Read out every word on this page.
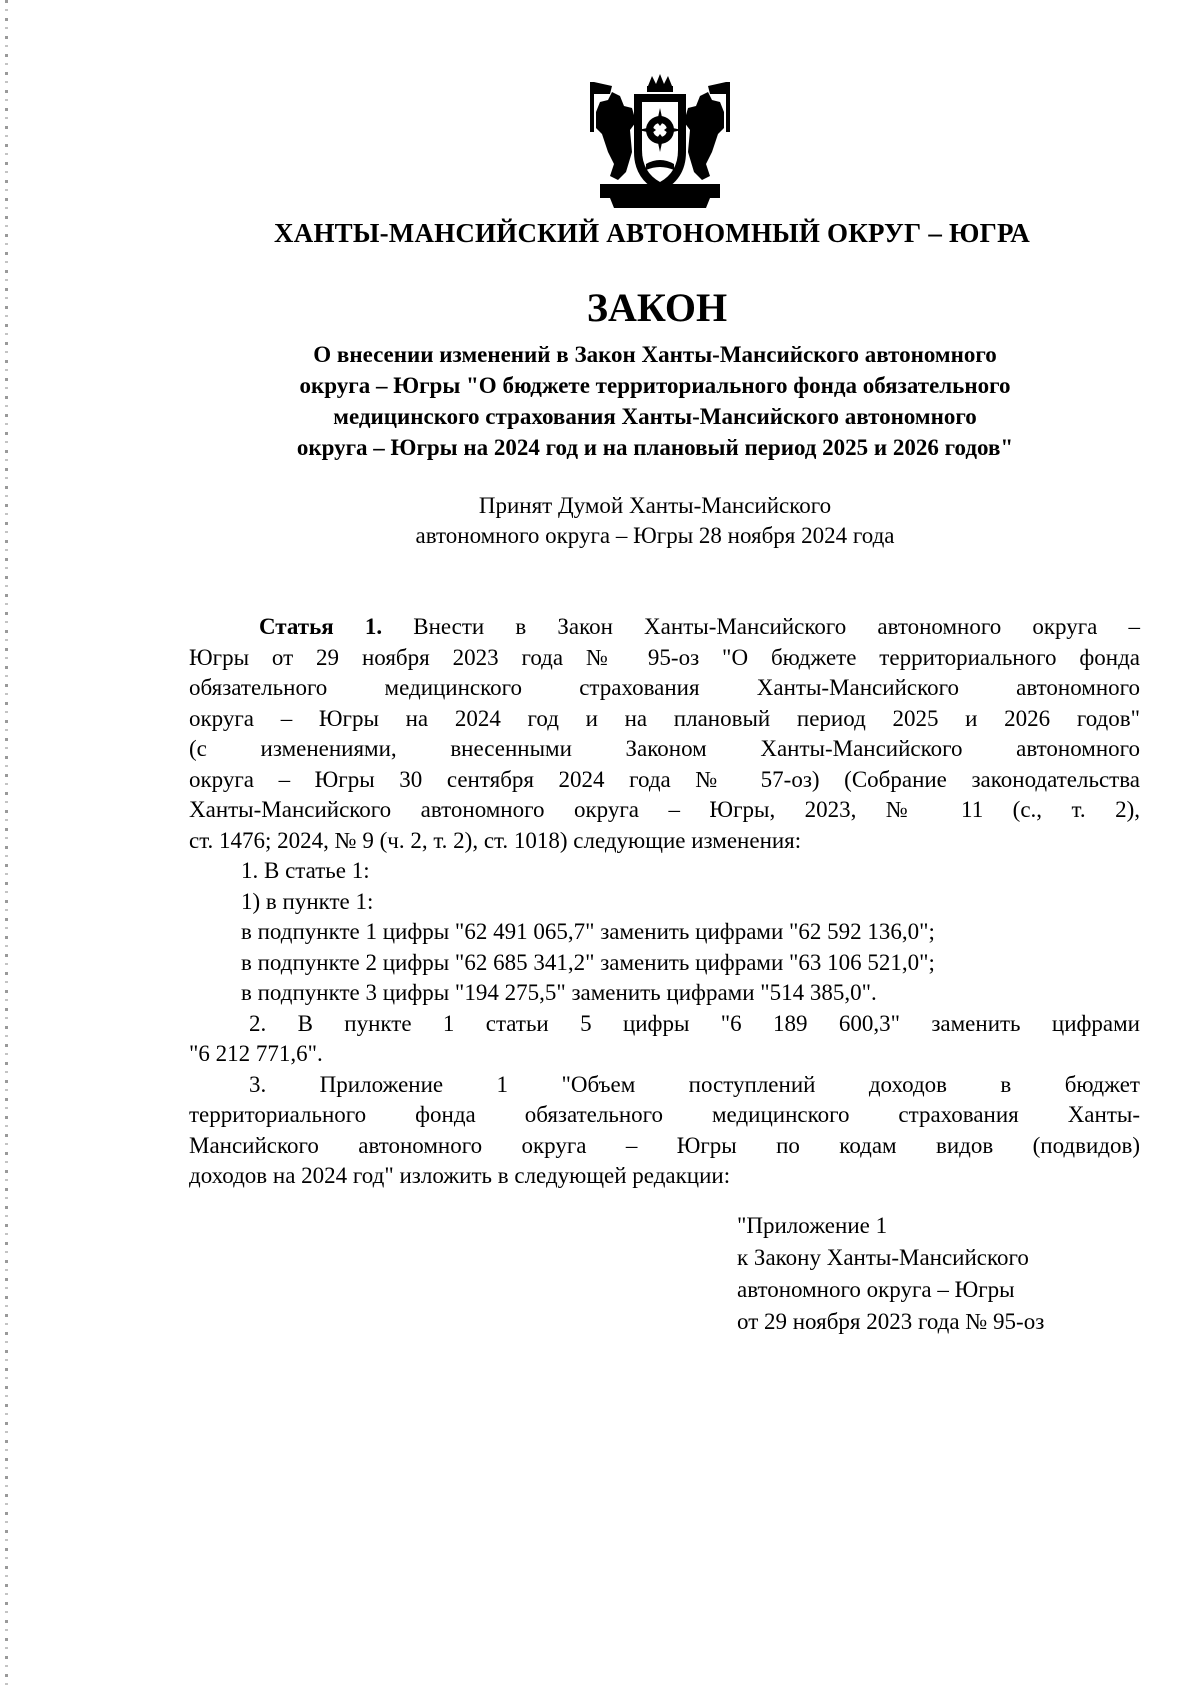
ХАНТЫ-МАНСИЙСКИЙ АВТОНОМНЫЙ ОКРУГ – ЮГРА
ЗАКОН
О внесении изменений в Закон Ханты-Мансийского автономного
округа – Югры "О бюджете территориального фонда обязательного
медицинского страхования Ханты-Мансийского автономного
округа – Югры на 2024 год и на плановый период 2025 и 2026 годов"
Принят Думой Ханты-Мансийского
автономного округа – Югры 28 ноября 2024 года
Статья 1. Внести в Закон Ханты-Мансийского автономного округа –
Югры от 29 ноября 2023 года № 95-оз "О бюджете территориального фонда
обязательного медицинского страхования Ханты-Мансийского автономного
округа – Югры на 2024 год и на плановый период 2025 и 2026 годов"
(с изменениями, внесенными Законом Ханты-Мансийского автономного
округа – Югры 30 сентября 2024 года № 57-оз) (Собрание законодательства
Ханты-Мансийского автономного округа – Югры, 2023, № 11 (с., т. 2),
ст. 1476; 2024, № 9 (ч. 2, т. 2), ст. 1018) следующие изменения:
1. В статье 1:
1) в пункте 1:
в подпункте 1 цифры "62 491 065,7" заменить цифрами "62 592 136,0";
в подпункте 2 цифры "62 685 341,2" заменить цифрами "63 106 521,0";
в подпункте 3 цифры "194 275,5" заменить цифрами "514 385,0".
2. В пункте 1 статьи 5 цифры "6 189 600,3" заменить цифрами
"6 212 771,6".
3. Приложение 1 "Объем поступлений доходов в бюджет
территориального фонда обязательного медицинского страхования Ханты-
Мансийского автономного округа – Югры по кодам видов (подвидов)
доходов на 2024 год" изложить в следующей редакции:
"Приложение 1
к Закону Ханты-Мансийского
автономного округа – Югры
от 29 ноября 2023 года № 95-оз
